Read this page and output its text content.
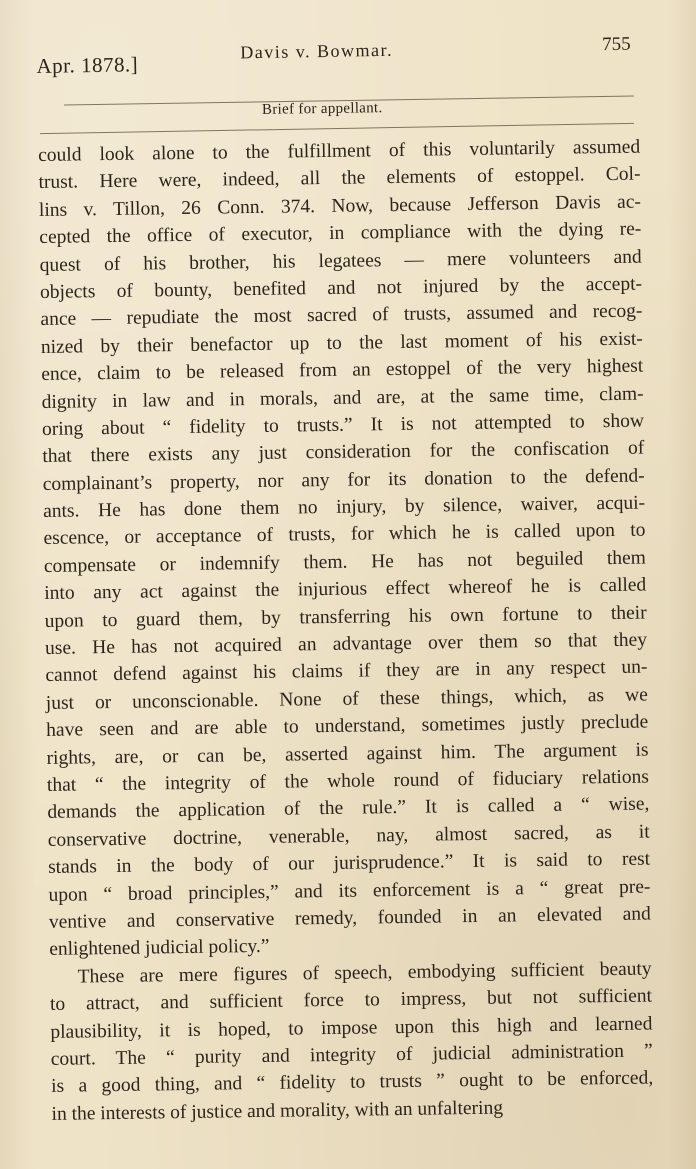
Apr. 1878.]
Davis v. Bowmar.	755
Brief for appellant.
could look alone to the fulfillment of this voluntarily assumed
trust. Here were, indeed, all the elements of estoppel. Col-
lins v. Tillon, 26 Conn. 374. Now, because Jefferson Davis ac-
cepted the office of executor, in compliance with the dying re-
quest of his brother, his legatees — mere volunteers and
objects of bounty, benefited and not injured by the accept-
ance — repudiate the most sacred of trusts, assumed and recog-
nized by their benefactor up to the last moment of his exist-
ence, claim to be released from an estoppel of the very highest
dignity in law and in morals, and are, at the same time, clam-
oring about “ fidelity to trusts.” It is not attempted to show
that there exists any just consideration for the confiscation of
complainant’s property, nor any for its donation to the defend-
ants. He has done them no injury, by silence, waiver, acqui-
escence, or acceptance of trusts, for which he is called upon to
compensate or indemnify them. He has not beguiled them
into any act against the injurious effect whereof he is called
upon to guard them, by transferring his own fortune to their
use. He has not acquired an advantage over them so that they
cannot defend against his claims if they are in any respect un-
just or unconscionable. None of these things, which, as we
have seen and are able to understand, sometimes justly preclude
rights, are, or can be, asserted against him. The argument is
that “ the integrity of the whole round of fiduciary relations
demands the application of the rule.” It is called a “ wise,
conservative doctrine, venerable, nay, almost sacred, as it
stands in the body of our jurisprudence.” It is said to rest
upon “ broad principles,” and its enforcement is a “ great pre-
ventive and conservative remedy, founded in an elevated and
enlightened judicial policy.”
These are mere figures of speech, embodying sufficient beauty
to attract, and sufficient force to impress, but not sufficient
plausibility, it is hoped, to impose upon this high and learned
court. The “ purity and integrity of judicial administration ”
is a good thing, and “ fidelity to trusts ” ought to be enforced,
in the interests of justice and morality, with an unfaltering
